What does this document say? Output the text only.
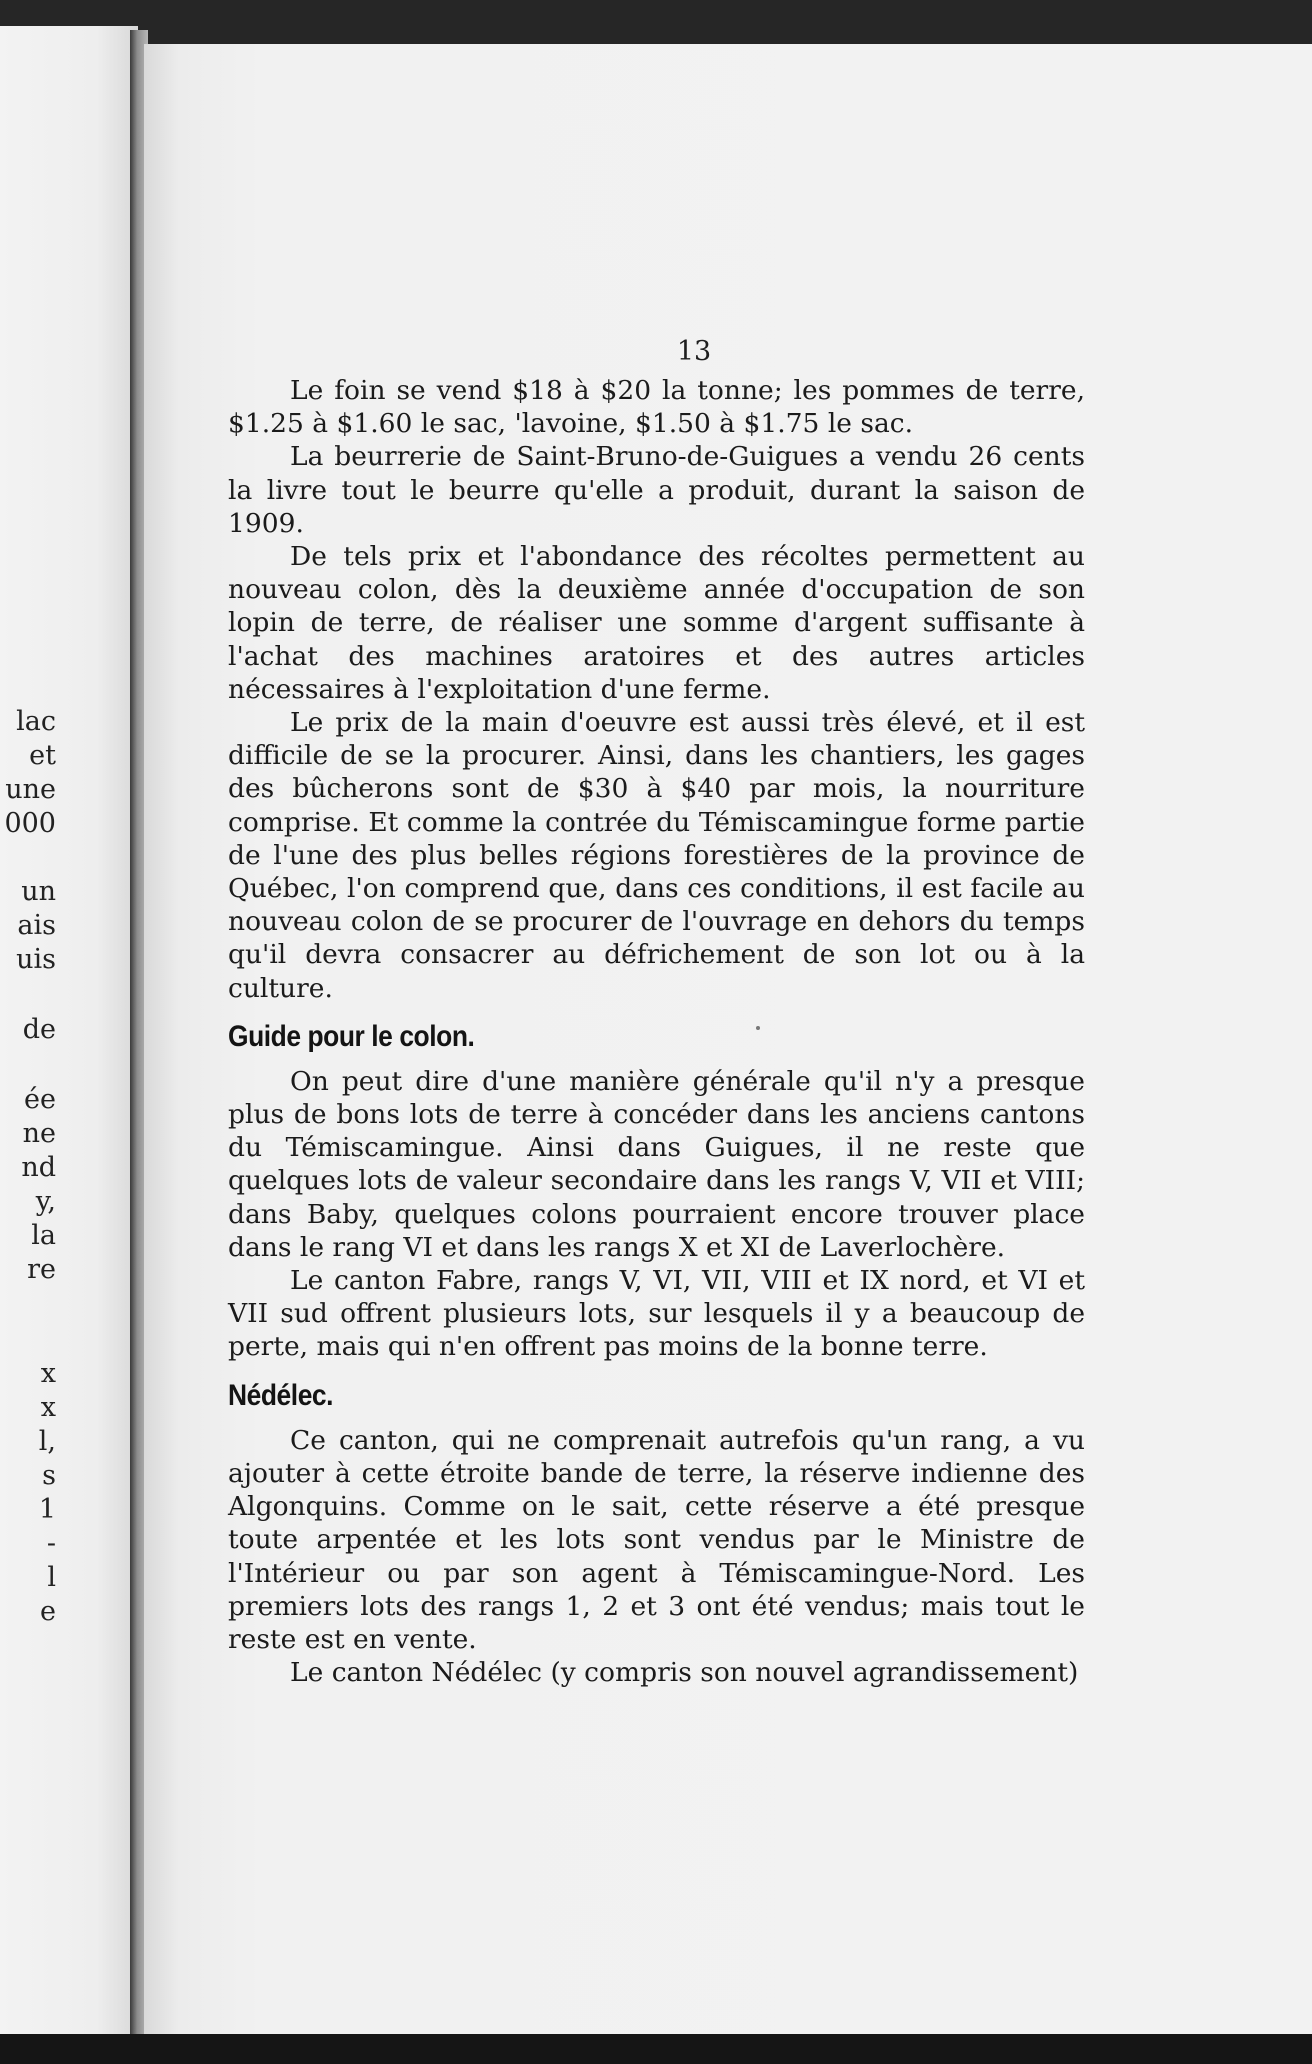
lac
et
une
000
un
ais
uis
de
ée
ne
nd
y,
la
re
x
x
l,
s
1
-
l
e
13

Le foin se vend $18 à $20 la tonne; les pommes de terre, $1.25 à $1.60 le sac, 'lavoine, $1.50 à $1.75 le sac.

La beurrerie de Saint-Bruno-de-Guigues a vendu 26 cents la livre tout le beurre qu'elle a produit, durant la saison de 1909.

De tels prix et l'abondance des récoltes permettent au nouveau colon, dès la deuxième année d'occupation de son lopin de terre, de réaliser une somme d'argent suffisante à l'achat des machines aratoires et des autres articles nécessaires à l'exploitation d'une ferme.

Le prix de la main d'oeuvre est aussi très élevé, et il est difficile de se la procurer. Ainsi, dans les chantiers, les gages des bûcherons sont de $30 à $40 par mois, la nourriture comprise. Et comme la contrée du Témiscamingue forme partie de l'une des plus belles régions forestières de la province de Québec, l'on comprend que, dans ces conditions, il est facile au nouveau colon de se procurer de l'ouvrage en dehors du temps qu'il devra consacrer au défrichement de son lot ou à la culture.

Guide pour le colon.

On peut dire d'une manière générale qu'il n'y a presque plus de bons lots de terre à concéder dans les anciens cantons du Témiscamingue. Ainsi dans Guigues, il ne reste que quelques lots de valeur secondaire dans les rangs V, VII et VIII; dans Baby, quelques colons pourraient encore trouver place dans le rang VI et dans les rangs X et XI de Laverlochère.

Le canton Fabre, rangs V, VI, VII, VIII et IX nord, et VI et VII sud offrent plusieurs lots, sur lesquels il y a beaucoup de perte, mais qui n'en offrent pas moins de la bonne terre.

Nédélec.

Ce canton, qui ne comprenait autrefois qu'un rang, a vu ajouter à cette étroite bande de terre, la réserve indienne des Algonquins. Comme on le sait, cette réserve a été presque toute arpentée et les lots sont vendus par le Ministre de l'Intérieur ou par son agent à Témiscamingue-Nord. Les premiers lots des rangs 1, 2 et 3 ont été vendus; mais tout le reste est en vente.

Le canton Nédélec (y compris son nouvel agrandissement)
